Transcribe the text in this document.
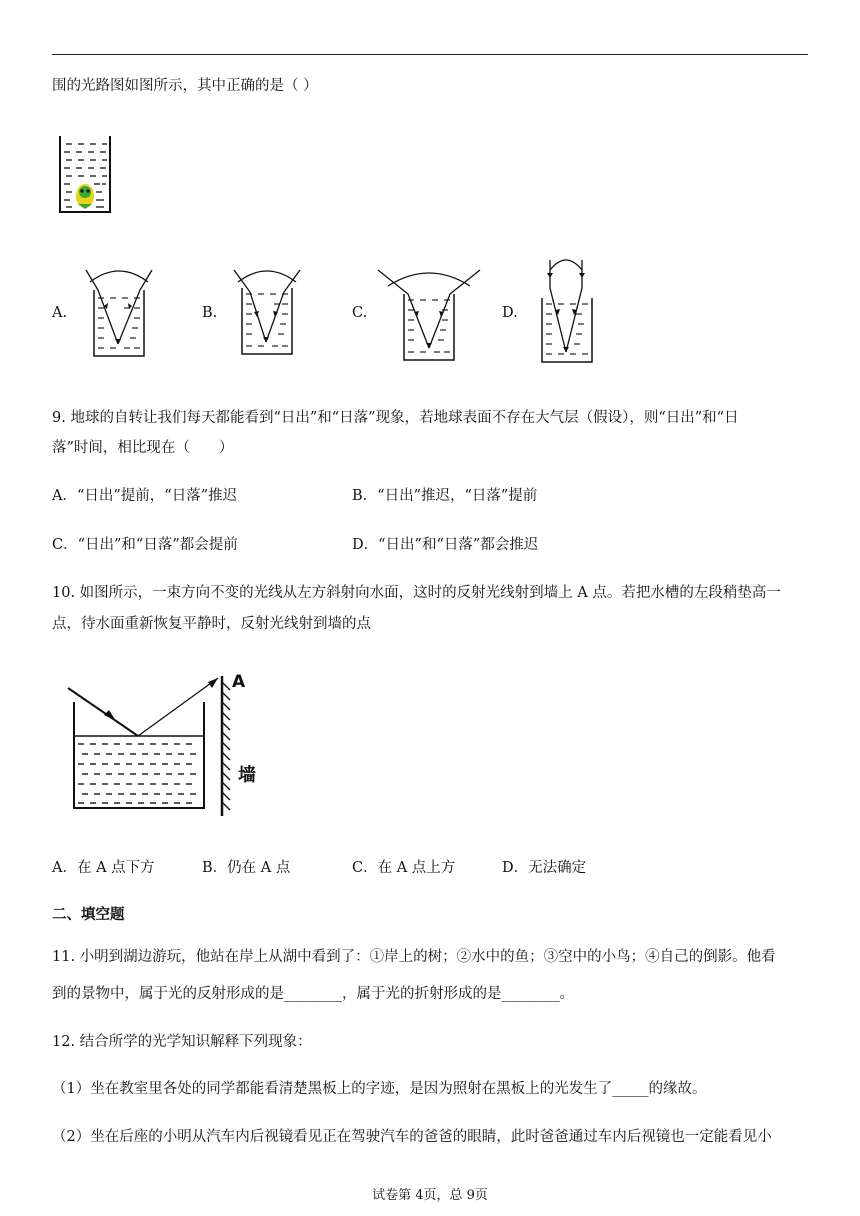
围的光路图如图所示，其中正确的是（ ）
A.	B.	C.	D.
9. 地球的自转让我们每天都能看到“日出”和“日落”现象，若地球表面不存在大气层（假设），则“日出”和“日
落”时间，相比现在（　　）
A．“日出”提前，“日落”推迟	B．“日出”推迟，“日落”提前
C．“日出”和“日落”都会提前	D．“日出”和“日落”都会推迟
10. 如图所示，一束方向不变的光线从左方斜射向水面，这时的反射光线射到墙上 A 点。若把水槽的左段稍垫高一
点，待水面重新恢复平静时，反射光线射到墙的点
A
墙
A．在 A 点下方	B．仍在 A 点	C．在 A 点上方	D．无法确定
二、填空题
11. 小明到湖边游玩，他站在岸上从湖中看到了：①岸上的树；②水中的鱼；③空中的小鸟；④自己的倒影。他看
到的景物中，属于光的反射形成的是________，属于光的折射形成的是________。
12. 结合所学的光学知识解释下列现象：
（1）坐在教室里各处的同学都能看清楚黑板上的字迹，是因为照射在黑板上的光发生了_____的缘故。
（2）坐在后座的小明从汽车内后视镜看见正在驾驶汽车的爸爸的眼睛，此时爸爸通过车内后视镜也一定能看见小
试卷第 4页，总 9页
